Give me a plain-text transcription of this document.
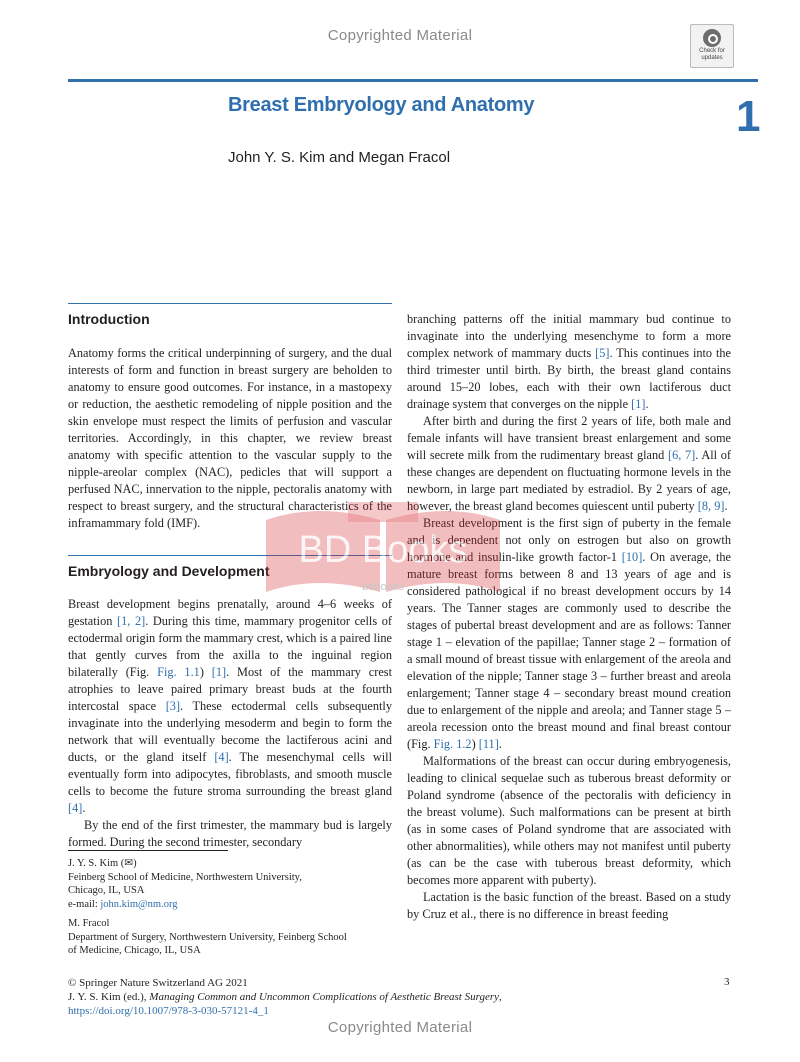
Copyrighted Material
Check for
updates
Breast Embryology and Anatomy	1
John Y. S. Kim and Megan Fracol
Introduction

Anatomy forms the critical underpinning of surgery, and the dual interests of form and function in breast surgery are beholden to anatomy to ensure good outcomes. For instance, in a mastopexy or reduction, the aesthetic remodeling of nipple position and the skin envelope must respect the limits of perfusion and vascular territories. Accordingly, in this chapter, we review breast anatomy with specific attention to the vascular supply to the nipple-areolar complex (NAC), pedicles that will support a perfused NAC, innervation to the nipple, pectoralis anatomy with respect to breast surgery, and the structural characteristics of the inframammary fold (IMF).

Embryology and Development

Breast development begins prenatally, around 4–6 weeks of gestation [1, 2]. During this time, mammary progenitor cells of ectodermal origin form the mammary crest, which is a paired line that gently curves from the axilla to the inguinal region bilaterally (Fig. Fig. 1.1) [1]. Most of the mammary crest atrophies to leave paired primary breast buds at the fourth intercostal space [3]. These ectodermal cells subsequently invaginate into the underlying mesoderm and begin to form the network that will eventually become the lactiferous acini and ducts, or the gland itself [4]. The mesenchymal cells will eventually form into adipocytes, fibroblasts, and smooth muscle cells to become the future stroma surrounding the breast gland [4].

By the end of the first trimester, the mammary bud is largely formed. During the second trimester, secondary

branching patterns off the initial mammary bud continue to invaginate into the underlying mesenchyme to form a more complex network of mammary ducts [5]. This continues into the third trimester until birth. By birth, the breast gland contains around 15–20 lobes, each with their own lactiferous duct drainage system that converges on the nipple [1].

After birth and during the first 2 years of life, both male and female infants will have transient breast enlargement and some will secrete milk from the rudimentary breast gland [6, 7]. All of these changes are dependent on fluctuating hormone levels in the newborn, in large part mediated by estradiol. By 2 years of age, however, the breast gland becomes quiescent until puberty [8, 9].

Breast development is the first sign of puberty in the female and is dependent not only on estrogen but also on growth hormone and insulin-like growth factor-1 [10]. On average, the mature breast forms between 8 and 13 years of age and is considered pathological if no breast development occurs by 14 years. The Tanner stages are commonly used to describe the stages of pubertal breast development and are as follows: Tanner stage 1 – elevation of the papillae; Tanner stage 2 – formation of a small mound of breast tissue with enlargement of the areola and elevation of the nipple; Tanner stage 3 – further breast and areola enlargement; Tanner stage 4 – secondary breast mound creation due to enlargement of the nipple and areola; and Tanner stage 5 – areola recession onto the breast mound and final breast contour (Fig. Fig. 1.2) [11].

Malformations of the breast can occur during embryogenesis, leading to clinical sequelae such as tuberous breast deformity or Poland syndrome (absence of the pectoralis with deficiency in the breast volume). Such malformations can be present at birth (as in some cases of Poland syndrome that are associated with other abnormalities), while others may not manifest until puberty (as can be the case with tuberous breast deformity, which becomes more apparent with puberty).

Lactation is the basic function of the breast. Based on a study by Cruz et al., there is no difference in breast feeding

BD Books
bdbooks
J. Y. S. Kim (✉)
Feinberg School of Medicine, Northwestern University,
Chicago, IL, USA
e-mail: john.kim@nm.org
M. Fracol
Department of Surgery, Northwestern University, Feinberg School
of Medicine, Chicago, IL, USA
© Springer Nature Switzerland AG 2021
J. Y. S. Kim (ed.), Managing Common and Uncommon Complications of Aesthetic Breast Surgery,
https://doi.org/10.1007/978-3-030-57121-4_1
3
Copyrighted Material
